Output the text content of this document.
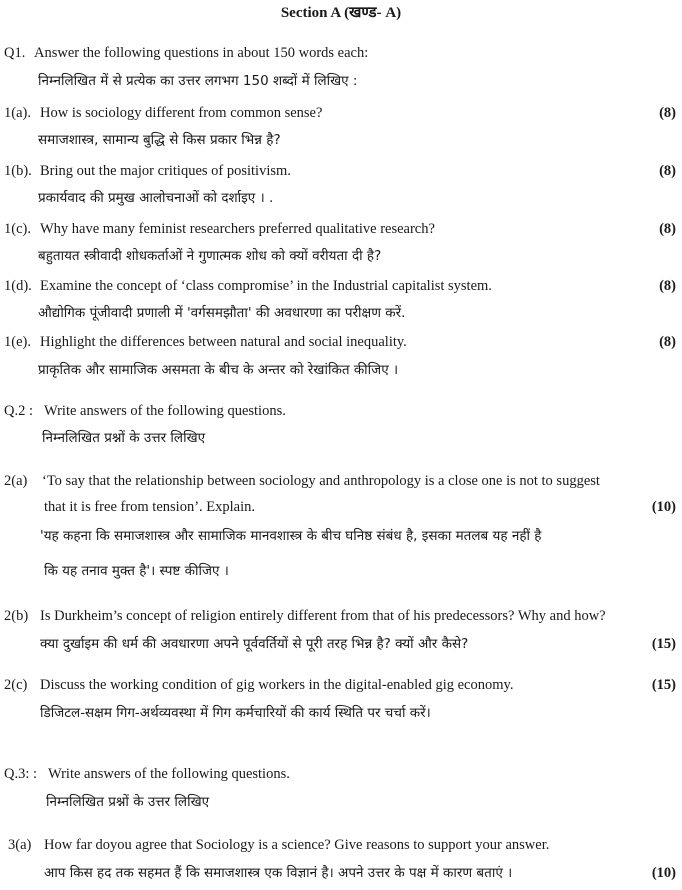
Section A (खण्ड- A)
Q1. Answer the following questions in about 150 words each:
निम्नलिखित में से प्रत्येक का उत्तर लगभग 150 शब्दों में लिखिए :
1(a). How is sociology different from common sense?	(8)
समाजशास्त्र, सामान्य बुद्धि से किस प्रकार भिन्न है?
1(b). Bring out the major critiques of positivism.	(8)
प्रकार्यवाद की प्रमुख आलोचनाओं को दर्शाइए । .
1(c). Why have many feminist researchers preferred qualitative research?	(8)
बहुतायत स्त्रीवादी शोधकर्ताओं ने गुणात्मक शोध को क्यों वरीयता दी है?
1(d). Examine the concept of ‘class compromise’ in the Industrial capitalist system.	(8)
औद्योगिक पूंजीवादी प्रणाली में 'वर्गसमझौता' की अवधारणा का परीक्षण करें.
1(e). Highlight the differences between natural and social inequality.	(8)
प्राकृतिक और सामाजिक असमता के बीच के अन्तर को रेखांकित कीजिए ।
Q.2 : Write answers of the following questions.
निम्नलिखित प्रश्नों के उत्तर लिखिए
2(a) ‘To say that the relationship between sociology and anthropology is a close one is not to suggest
that it is free from tension’. Explain.	(10)
'यह कहना कि समाजशास्त्र और सामाजिक मानवशास्त्र के बीच घनिष्ठ संबंध है, इसका मतलब यह नहीं है
कि यह तनाव मुक्त है'। स्पष्ट कीजिए ।
2(b) Is Durkheim’s concept of religion entirely different from that of his predecessors? Why and how?
क्या दुर्खाइम की धर्म की अवधारणा अपने पूर्ववर्तियों से पूरी तरह भिन्न है? क्यों और कैसे?	(15)
2(c) Discuss the working condition of gig workers in the digital-enabled gig economy.	(15)
डिजिटल-सक्षम गिग-अर्थव्यवस्था में गिग कर्मचारियों की कार्य स्थिति पर चर्चा करें।
Q.3: : Write answers of the following questions.
निम्नलिखित प्रश्नों के उत्तर लिखिए
3(a) How far doyou agree that Sociology is a science? Give reasons to support your answer.
आप किस हद तक सहमत हैं कि समाजशास्त्र एक विज्ञानं है। अपने उत्तर के पक्ष में कारण बताएं ।	(10)
